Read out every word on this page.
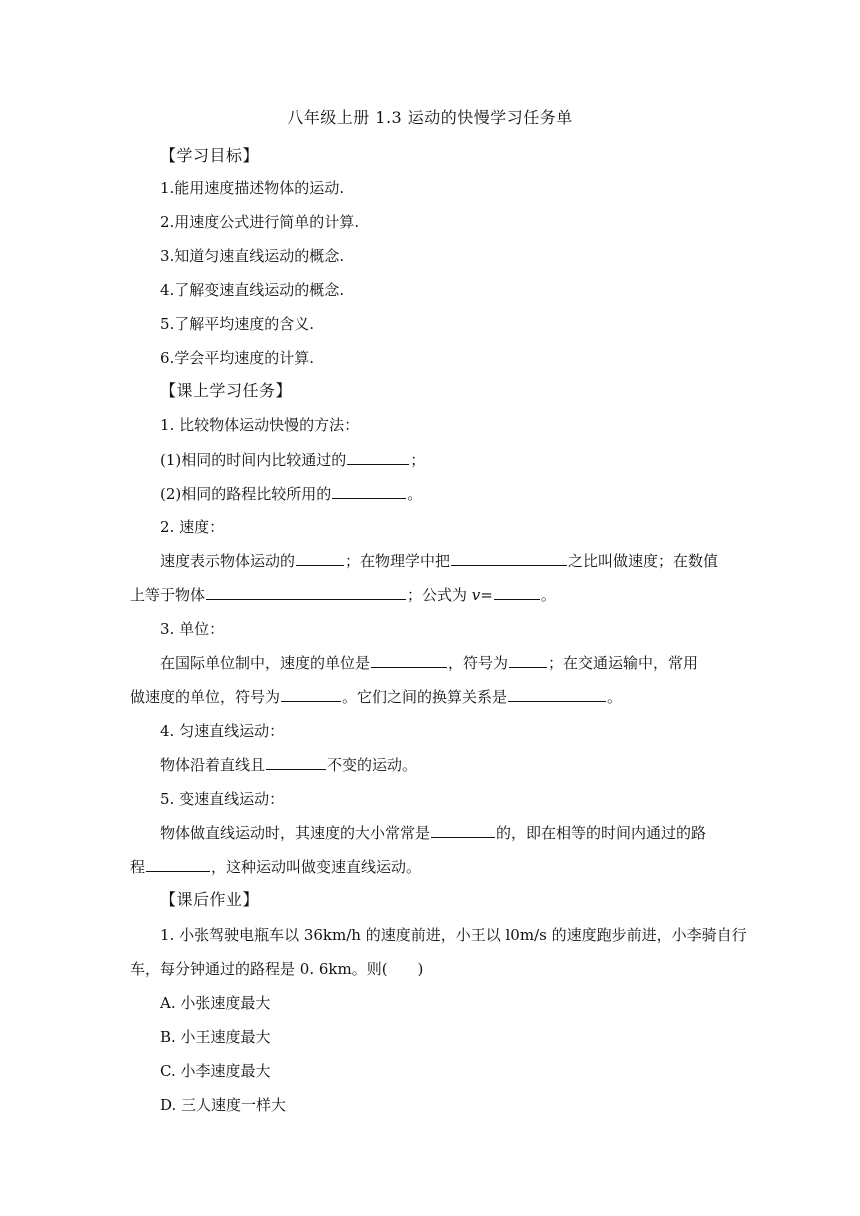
八年级上册 1.3 运动的快慢学习任务单
【学习目标】
1.能用速度描述物体的运动.
2.用速度公式进行简单的计算.
3.知道匀速直线运动的概念.
4.了解变速直线运动的概念.
5.了解平均速度的含义.
6.学会平均速度的计算.
【课上学习任务】
1. 比较物体运动快慢的方法：
(1)相同的时间内比较通过的	；
(2)相同的路程比较所用的	。
2. 速度：
速度表示物体运动的	；在物理学中把	之比叫做速度；在数值
上等于物体	；公式为 v=	。
3. 单位：
在国际单位制中，速度的单位是	，符号为	；在交通运输中，常用
做速度的单位，符号为	。它们之间的换算关系是	。
4. 匀速直线运动：
物体沿着直线且	不变的运动。
5. 变速直线运动：
物体做直线运动时，其速度的大小常常是	的，即在相等的时间内通过的路
程	，这种运动叫做变速直线运动。
【课后作业】
1. 小张驾驶电瓶车以 36km/h 的速度前进，小王以 l0m/s 的速度跑步前进，小李骑自行
车，每分钟通过的路程是 0. 6km。则(　　)
A. 小张速度最大
B. 小王速度最大
C. 小李速度最大
D. 三人速度一样大
